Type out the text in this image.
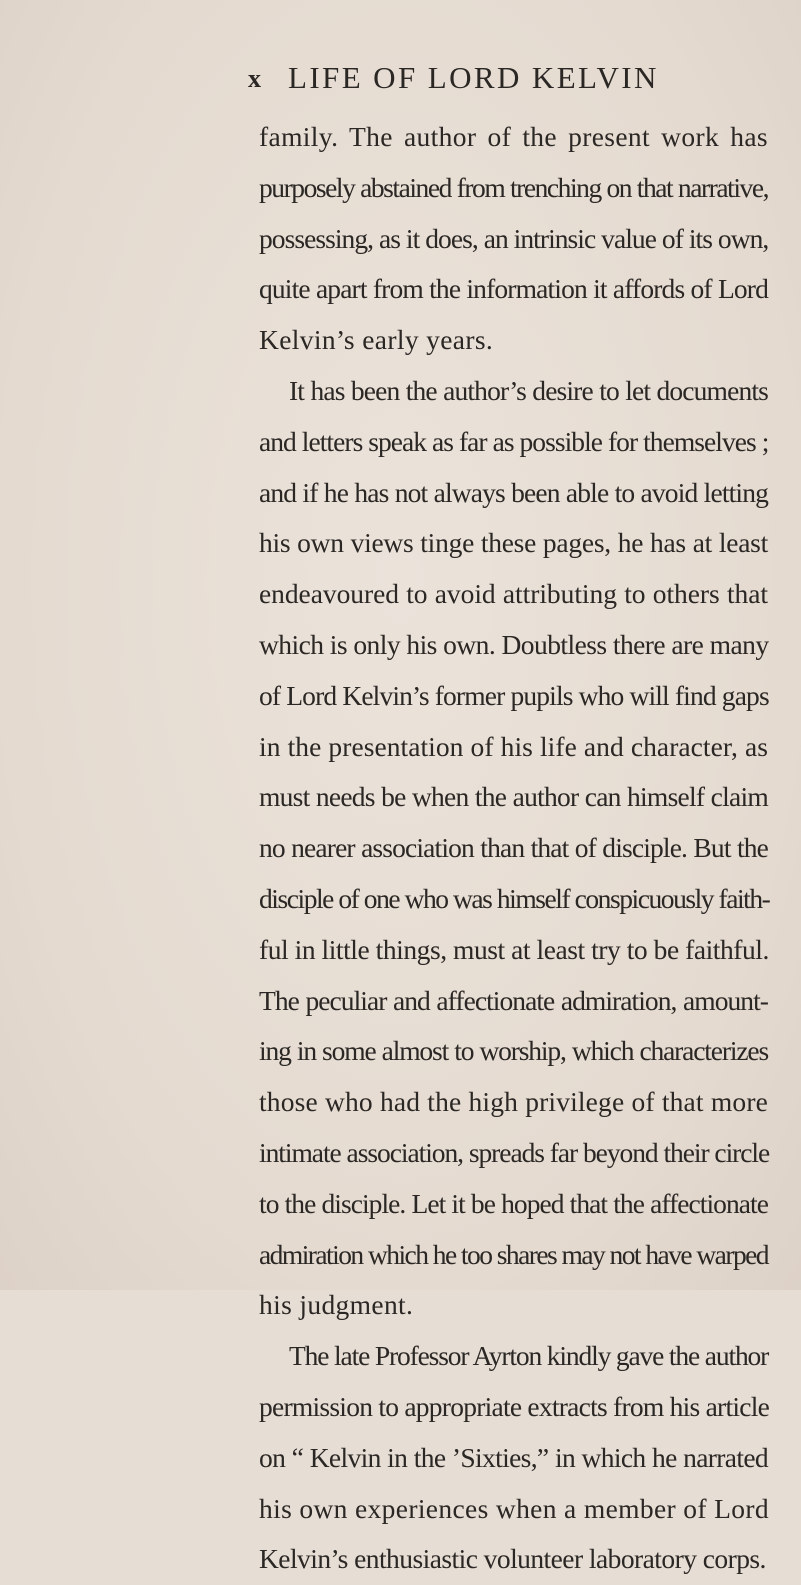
x LIFE OF LORD KELVIN
family. The author of the present work has
purposely abstained from trenching on that narrative,
possessing, as it does, an intrinsic value of its own,
quite apart from the information it affords of Lord
Kelvin’s early years.
It has been the author’s desire to let documents
and letters speak as far as possible for themselves ;
and if he has not always been able to avoid letting
his own views tinge these pages, he has at least
endeavoured to avoid attributing to others that
which is only his own. Doubtless there are many
of Lord Kelvin’s former pupils who will find gaps
in the presentation of his life and character, as
must needs be when the author can himself claim
no nearer association than that of disciple. But the
disciple of one who was himself conspicuously faith-
ful in little things, must at least try to be faithful.
The peculiar and affectionate admiration, amount-
ing in some almost to worship, which characterizes
those who had the high privilege of that more
intimate association, spreads far beyond their circle
to the disciple. Let it be hoped that the affectionate
admiration which he too shares may not have warped
his judgment.
The late Professor Ayrton kindly gave the author
permission to appropriate extracts from his article
on “ Kelvin in the ’Sixties,” in which he narrated
his own experiences when a member of Lord
Kelvin’s enthusiastic volunteer laboratory corps.
